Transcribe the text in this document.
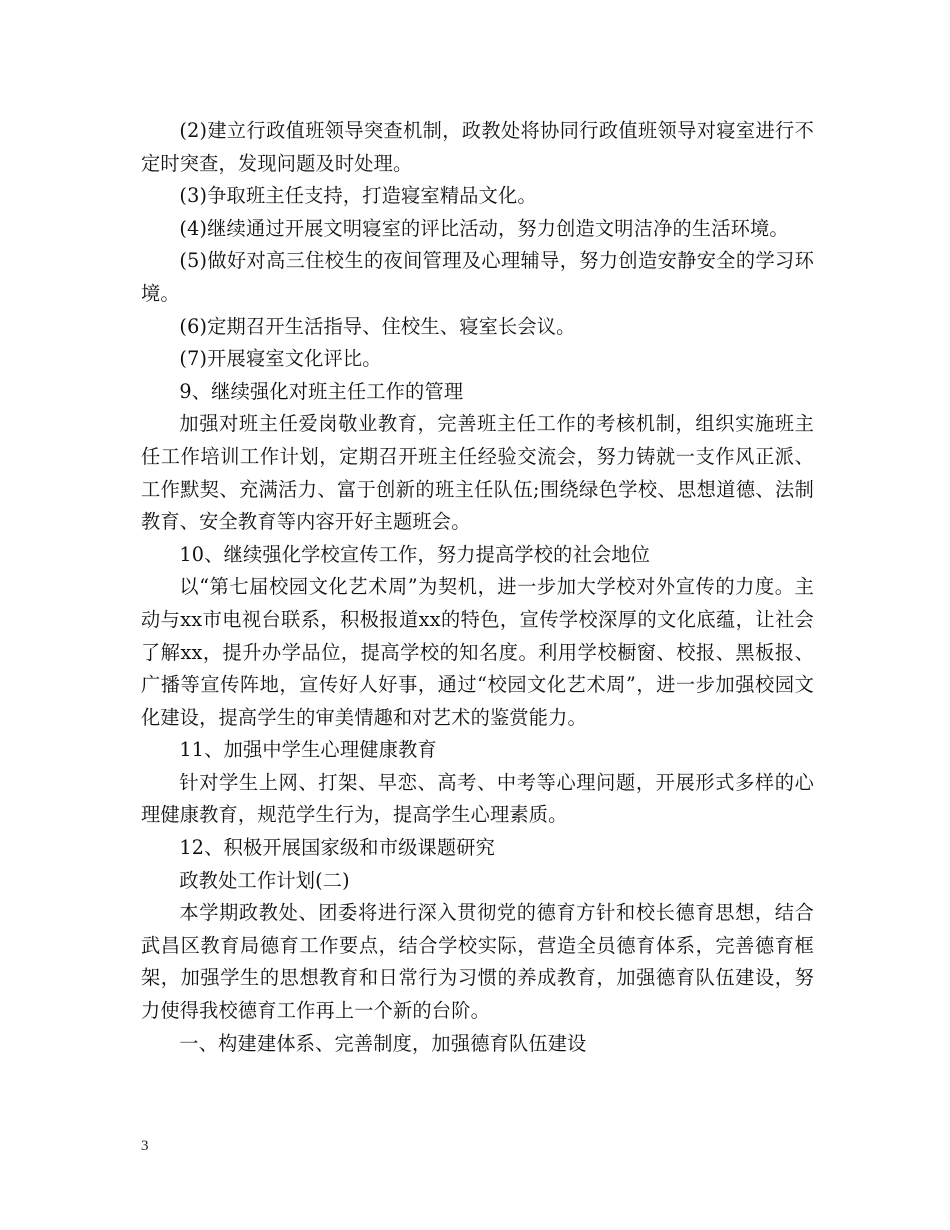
(2)建立行政值班领导突查机制，政教处将协同行政值班领导对寝室进行不定时突查，发现问题及时处理。

(3)争取班主任支持，打造寝室精品文化。

(4)继续通过开展文明寝室的评比活动，努力创造文明洁净的生活环境。

(5)做好对高三住校生的夜间管理及心理辅导，努力创造安静安全的学习环境。

(6)定期召开生活指导、住校生、寝室长会议。

(7)开展寝室文化评比。

9、继续强化对班主任工作的管理

加强对班主任爱岗敬业教育，完善班主任工作的考核机制，组织实施班主任工作培训工作计划，定期召开班主任经验交流会，努力铸就一支作风正派、工作默契、充满活力、富于创新的班主任队伍;围绕绿色学校、思想道德、法制教育、安全教育等内容开好主题班会。

10、继续强化学校宣传工作，努力提高学校的社会地位

以“第七届校园文化艺术周”为契机，进一步加大学校对外宣传的力度。主动与xx市电视台联系，积极报道xx的特色，宣传学校深厚的文化底蕴，让社会了解xx，提升办学品位，提高学校的知名度。利用学校橱窗、校报、黑板报、广播等宣传阵地，宣传好人好事，通过“校园文化艺术周”，进一步加强校园文化建设，提高学生的审美情趣和对艺术的鉴赏能力。

11、加强中学生心理健康教育

针对学生上网、打架、早恋、高考、中考等心理问题，开展形式多样的心理健康教育，规范学生行为，提高学生心理素质。

12、积极开展国家级和市级课题研究

政教处工作计划(二)

本学期政教处、团委将进行深入贯彻党的德育方针和校长德育思想，结合武昌区教育局德育工作要点，结合学校实际，营造全员德育体系，完善德育框架，加强学生的思想教育和日常行为习惯的养成教育，加强德育队伍建设，努力使得我校德育工作再上一个新的台阶。

一、构建建体系、完善制度，加强德育队伍建设

3
